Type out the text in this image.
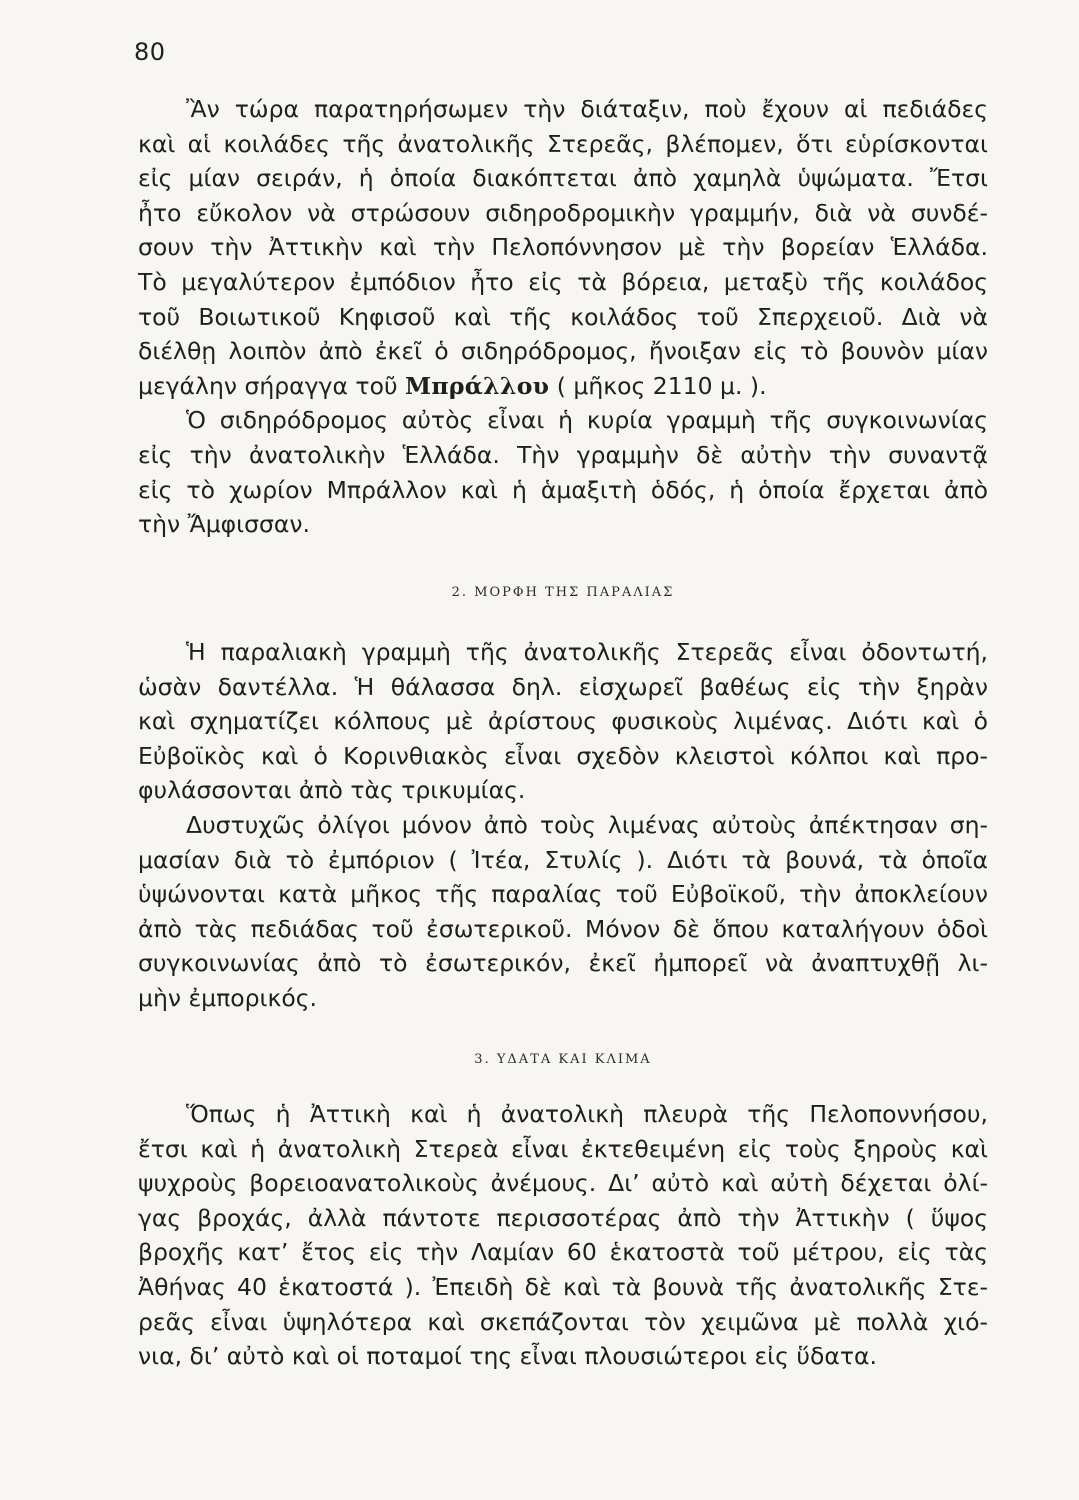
80
Ἂν τώρα παρατηρήσωμεν τὴν διάταξιν, ποὺ ἔχουν αἱ πεδιάδες
καὶ αἱ κοιλάδες τῆς ἀνατολικῆς Στερεᾶς, βλέπομεν, ὅτι εὑρίσκονται
εἰς μίαν σειράν, ἡ ὁποία διακόπτεται ἀπὸ χαμηλὰ ὑψώματα. Ἔτσι
ἦτο εὔκολον νὰ στρώσουν σιδηροδρομικὴν γραμμήν, διὰ νὰ συνδέ-
σουν τὴν Ἀττικὴν καὶ τὴν Πελοπόννησον μὲ τὴν βορείαν Ἑλλάδα.
Τὸ μεγαλύτερον ἐμπόδιον ἦτο εἰς τὰ βόρεια, μεταξὺ τῆς κοιλάδος
τοῦ Βοιωτικοῦ Κηφισοῦ καὶ τῆς κοιλάδος τοῦ Σπερχειοῦ. Διὰ νὰ
διέλθῃ λοιπὸν ἀπὸ ἐκεῖ ὁ σιδηρόδρομος, ἤνοιξαν εἰς τὸ βουνὸν μίαν
μεγάλην σήραγγα τοῦ Μπράλλου ( μῆκος 2110 μ. ).
Ὁ σιδηρόδρομος αὐτὸς εἶναι ἡ κυρία γραμμὴ τῆς συγκοινωνίας
εἰς τὴν ἀνατολικὴν Ἑλλάδα. Τὴν γραμμὴν δὲ αὐτὴν τὴν συναντᾷ
εἰς τὸ χωρίον Μπράλλον καὶ ἡ ἁμαξιτὴ ὁδός, ἡ ὁποία ἔρχεται ἀπὸ
τὴν Ἄμφισσαν.
2. ΜΟΡΦΗ ΤΗΣ ΠΑΡΑΛΙΑΣ
Ἡ παραλιακὴ γραμμὴ τῆς ἀνατολικῆς Στερεᾶς εἶναι ὀδοντωτή,
ὡσὰν δαντέλλα. Ἡ θάλασσα δηλ. εἰσχωρεῖ βαθέως εἰς τὴν ξηρὰν
καὶ σχηματίζει κόλπους μὲ ἀρίστους φυσικοὺς λιμένας. Διότι καὶ ὁ
Εὐβοϊκὸς καὶ ὁ Κορινθιακὸς εἶναι σχεδὸν κλειστοὶ κόλποι καὶ προ-
φυλάσσονται ἀπὸ τὰς τρικυμίας.
Δυστυχῶς ὀλίγοι μόνον ἀπὸ τοὺς λιμένας αὐτοὺς ἀπέκτησαν ση-
μασίαν διὰ τὸ ἐμπόριον ( Ἰτέα, Στυλίς ). Διότι τὰ βουνά, τὰ ὁποῖα
ὑψώνονται κατὰ μῆκος τῆς παραλίας τοῦ Εὐβοϊκοῦ, τὴν ἀποκλείουν
ἀπὸ τὰς πεδιάδας τοῦ ἐσωτερικοῦ. Μόνον δὲ ὅπου καταλήγουν ὁδοὶ
συγκοινωνίας ἀπὸ τὸ ἐσωτερικόν, ἐκεῖ ἠμπορεῖ νὰ ἀναπτυχθῇ λι-
μὴν ἐμπορικός.
3. ΥΔΑΤΑ ΚΑΙ ΚΛΙΜΑ
Ὅπως ἡ Ἀττικὴ καὶ ἡ ἀνατολικὴ πλευρὰ τῆς Πελοποννήσου,
ἔτσι καὶ ἡ ἀνατολικὴ Στερεὰ εἶναι ἐκτεθειμένη εἰς τοὺς ξηροὺς καὶ
ψυχροὺς βορειοανατολικοὺς ἀνέμους. Δι’ αὐτὸ καὶ αὐτὴ δέχεται ὀλί-
γας βροχάς, ἀλλὰ πάντοτε περισσοτέρας ἀπὸ τὴν Ἀττικὴν ( ὕψος
βροχῆς κατ’ ἔτος εἰς τὴν Λαμίαν 60 ἑκατοστὰ τοῦ μέτρου, εἰς τὰς
Ἀθήνας 40 ἑκατοστά ). Ἐπειδὴ δὲ καὶ τὰ βουνὰ τῆς ἀνατολικῆς Στε-
ρεᾶς εἶναι ὑψηλότερα καὶ σκεπάζονται τὸν χειμῶνα μὲ πολλὰ χιό-
νια, δι’ αὐτὸ καὶ οἱ ποταμοί της εἶναι πλουσιώτεροι εἰς ὕδατα.
